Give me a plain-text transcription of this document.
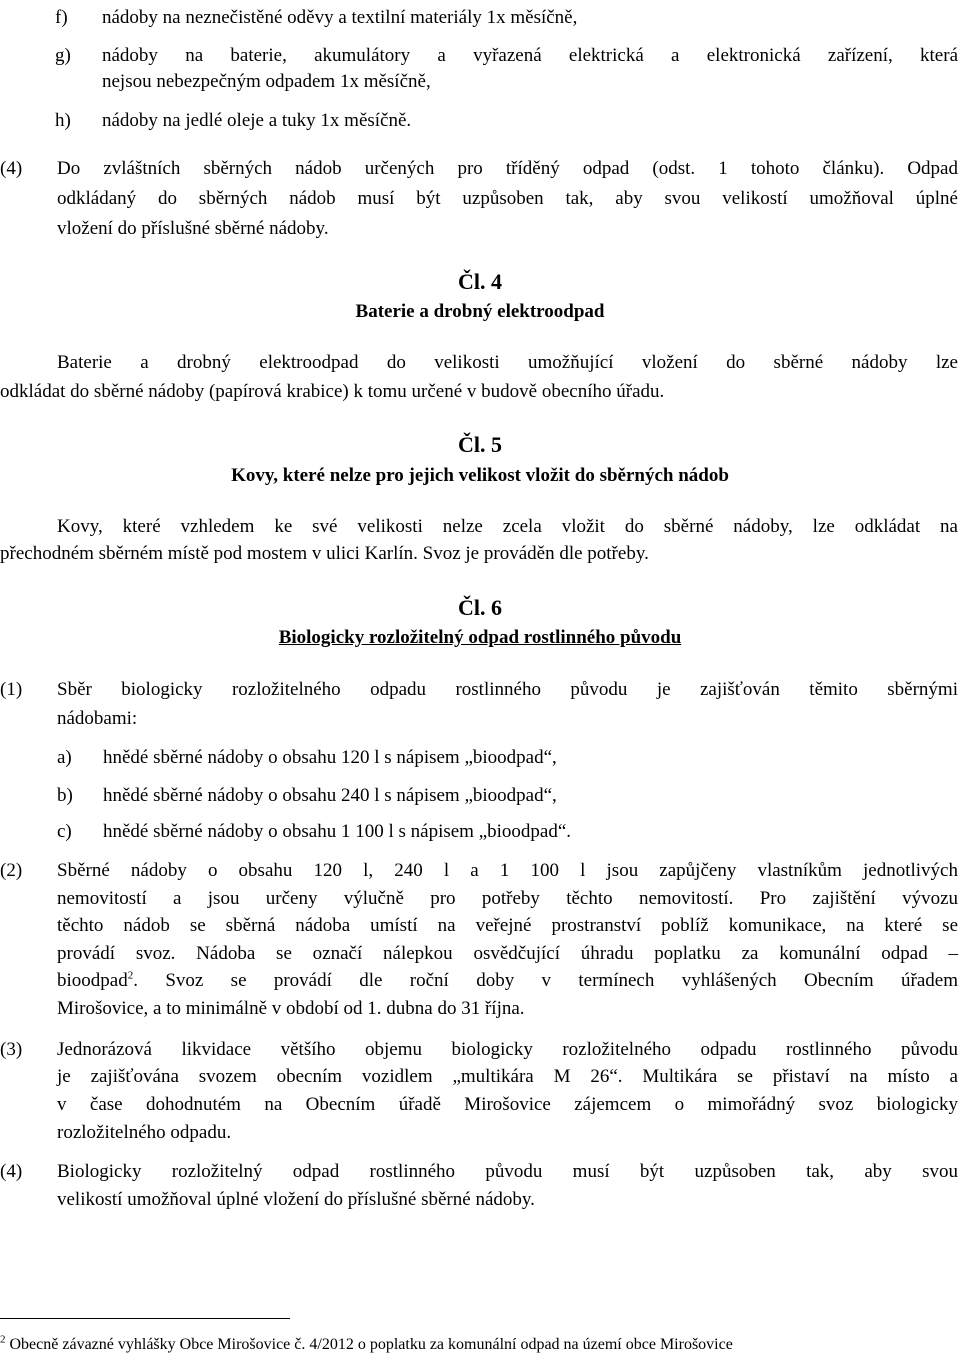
f) nádoby na neznečistěné oděvy a textilní materiály 1x měsíčně,
g) nádoby na baterie, akumulátory a vyřazená elektrická a elektronická zařízení, která
nejsou nebezpečným odpadem 1x měsíčně,
h) nádoby na jedlé oleje a tuky 1x měsíčně.
(4) Do zvláštních sběrných nádob určených pro tříděný odpad (odst. 1 tohoto článku). Odpad
odkládaný do sběrných nádob musí být uzpůsoben tak, aby svou velikostí umožňoval úplné
vložení do příslušné sběrné nádoby.
Čl. 4
Baterie a drobný elektroodpad
Baterie a drobný elektroodpad do velikosti umožňující vložení do sběrné nádoby lze
odkládat do sběrné nádoby (papírová krabice) k tomu určené v budově obecního úřadu.
Čl. 5
Kovy, které nelze pro jejich velikost vložit do sběrných nádob
Kovy, které vzhledem ke své velikosti nelze zcela vložit do sběrné nádoby, lze odkládat na
přechodném sběrném místě pod mostem v ulici Karlín. Svoz je prováděn dle potřeby.
Čl. 6
Biologicky rozložitelný odpad rostlinného původu
(1) Sběr biologicky rozložitelného odpadu rostlinného původu je zajišťován těmito sběrnými
nádobami:
a) hnědé sběrné nádoby o obsahu 120 l s nápisem „bioodpad“,
b) hnědé sběrné nádoby o obsahu 240 l s nápisem „bioodpad“,
c) hnědé sběrné nádoby o obsahu 1 100 l s nápisem „bioodpad“.
(2) Sběrné nádoby o obsahu 120 l, 240 l a 1 100 l jsou zapůjčeny vlastníkům jednotlivých
nemovitostí a jsou určeny výlučně pro potřeby těchto nemovitostí. Pro zajištění vývozu
těchto nádob se sběrná nádoba umístí na veřejné prostranství poblíž komunikace, na které se
provádí svoz. Nádoba se označí nálepkou osvědčující úhradu poplatku za komunální odpad –
bioodpad$^2$. Svoz se provádí dle roční doby v termínech vyhlášených Obecním úřadem
Mirošovice, a to minimálně v období od 1. dubna do 31 října.
(3) Jednorázová likvidace většího objemu biologicky rozložitelného odpadu rostlinného původu
je zajišťována svozem obecním vozidlem „multikára M 26“. Multikára se přistaví na místo a
v čase dohodnutém na Obecním úřadě Mirošovice zájemcem o mimořádný svoz biologicky
rozložitelného odpadu.
(4) Biologicky rozložitelný odpad rostlinného původu musí být uzpůsoben tak, aby svou
velikostí umožňoval úplné vložení do příslušné sběrné nádoby.
$^2$ Obecně závazné vyhlášky Obce Mirošovice č. 4/2012 o poplatku za komunální odpad na území obce Mirošovice
